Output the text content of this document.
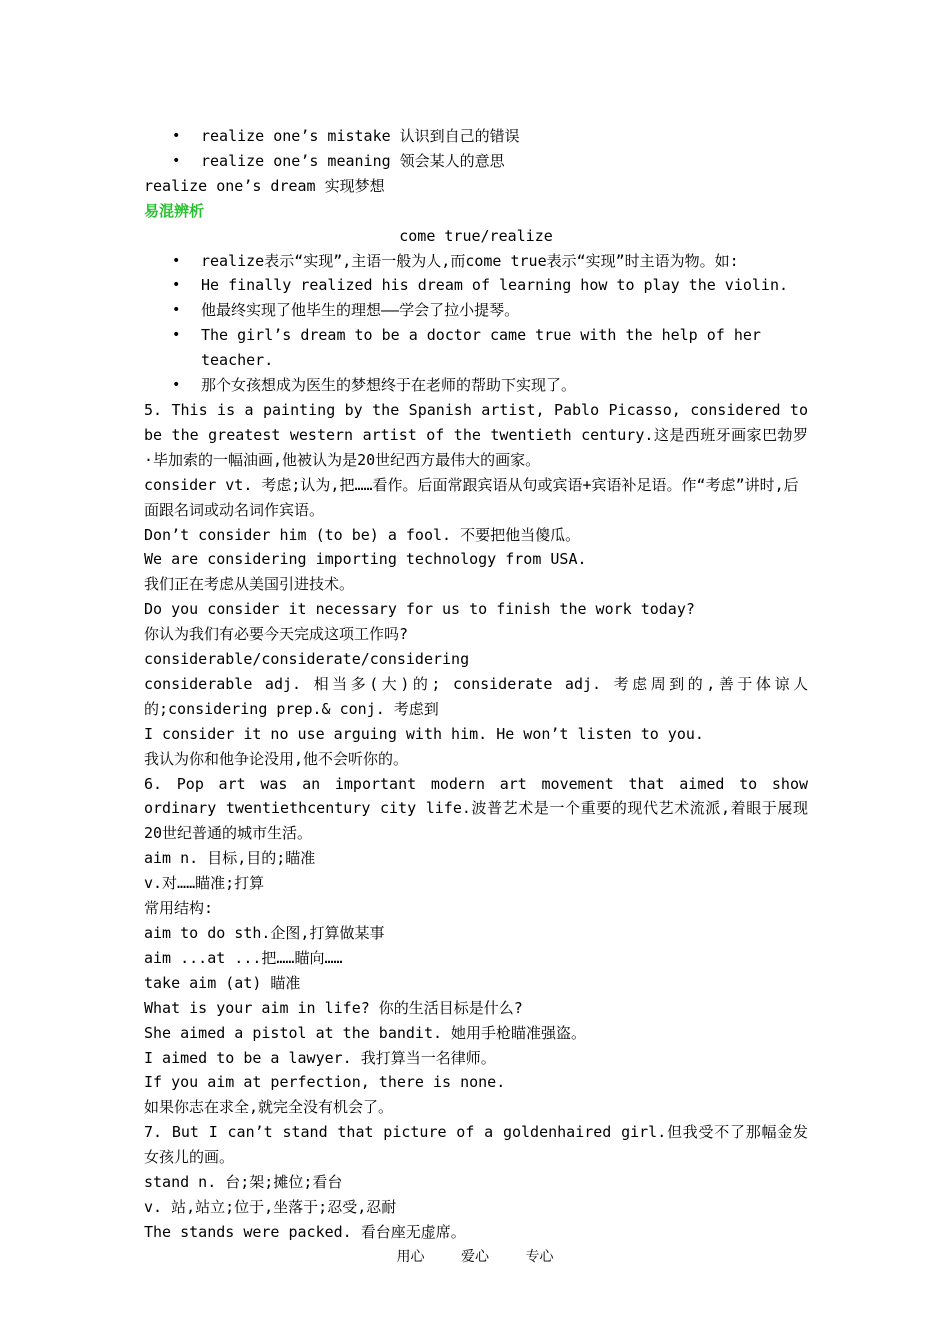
• realize one’s mistake 认识到自己的错误
• realize one’s meaning 领会某人的意思
realize one’s dream 实现梦想
易混辨析
come true/realize
• realize表示“实现”,主语一般为人,而come true表示“实现”时主语为物。如:
• He finally realized his dream of learning how to play the violin.
• 他最终实现了他毕生的理想——学会了拉小提琴。
• The girl’s dream to be a doctor came true with the help of her teacher.
• 那个女孩想成为医生的梦想终于在老师的帮助下实现了。
5. This is a painting by the Spanish artist, Pablo Picasso, considered to be the greatest western artist of the twentieth century.这是西班牙画家巴勃罗·毕加索的一幅油画,他被认为是20世纪西方最伟大的画家。
consider vt. 考虑;认为,把……看作。后面常跟宾语从句或宾语+宾语补足语。作“考虑”讲时,后面跟名词或动名词作宾语。
Don’t consider him (to be) a fool. 不要把他当傻瓜。
We are considering importing technology from USA.
我们正在考虑从美国引进技术。
Do you consider it necessary for us to finish the work today?
你认为我们有必要今天完成这项工作吗?
considerable/considerate/considering
considerable adj. 相当多(大)的; considerate adj. 考虑周到的,善于体谅人的;considering prep.& conj. 考虑到
I consider it no use arguing with him. He won’t listen to you.
我认为你和他争论没用,他不会听你的。
6. Pop art was an important modern art movement that aimed to show ordinary twentiethcentury city life.波普艺术是一个重要的现代艺术流派,着眼于展现20世纪普通的城市生活。
aim n. 目标,目的;瞄准
v.对……瞄准;打算
常用结构:
aim to do sth.企图,打算做某事
aim ...at ...把……瞄向……
take aim (at) 瞄准
What is your aim in life? 你的生活目标是什么?
She aimed a pistol at the bandit. 她用手枪瞄准强盗。
I aimed to be a lawyer. 我打算当一名律师。
If you aim at perfection, there is none.
如果你志在求全,就完全没有机会了。
7. But I can’t stand that picture of a goldenhaired girl.但我受不了那幅金发女孩儿的画。
stand n. 台;架;摊位;看台
v. 站,站立;位于,坐落于;忍受,忍耐
The stands were packed. 看台座无虚席。
用心	爱心	专心
